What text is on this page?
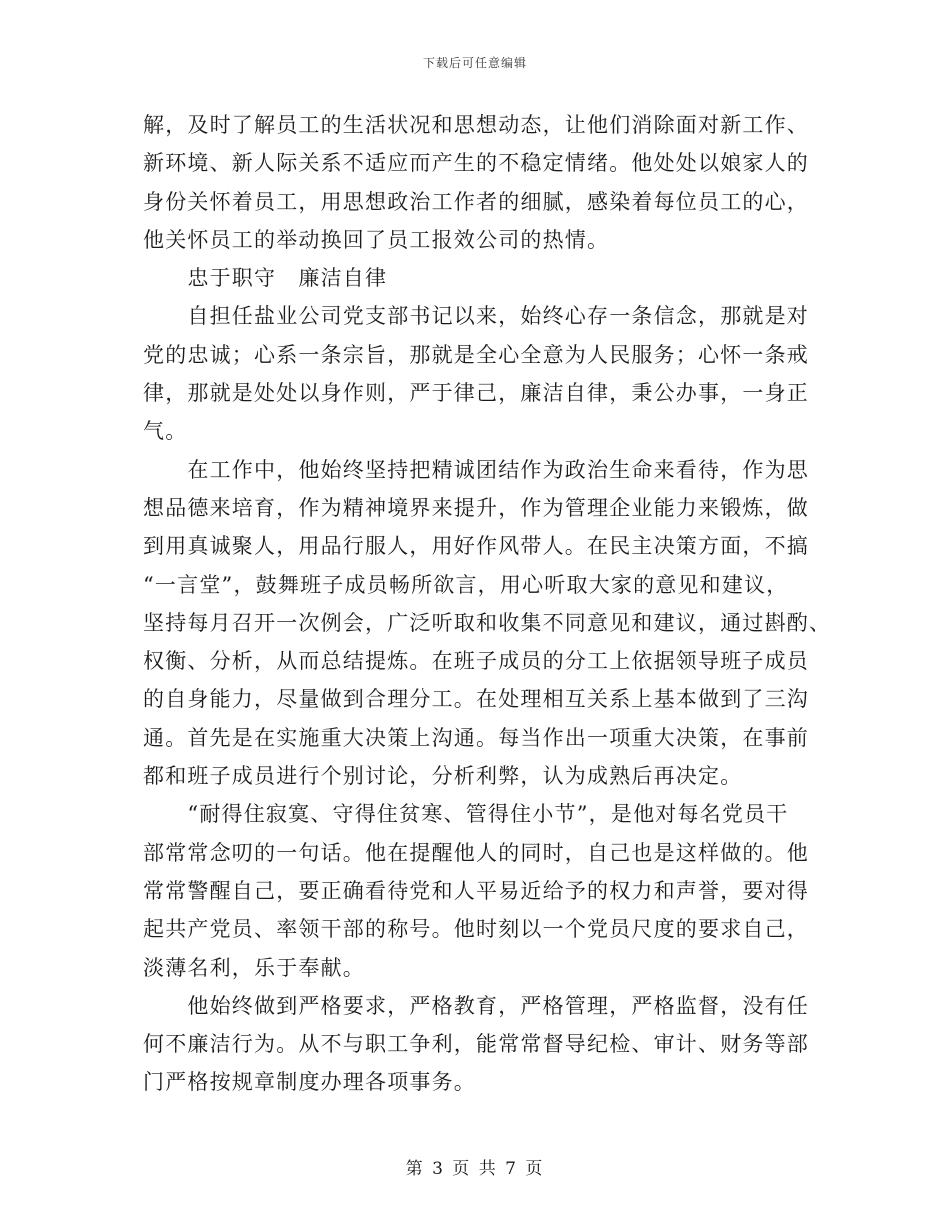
下载后可任意编辑
解，及时了解员工的生活状况和思想动态，让他们消除面对新工作、
新环境、新人际关系不适应而产生的不稳定情绪。他处处以娘家人的
身份关怀着员工，用思想政治工作者的细腻，感染着每位员工的心，
他关怀员工的举动换回了员工报效公司的热情。
　　忠于职守　廉洁自律
　　自担任盐业公司党支部书记以来，始终心存一条信念，那就是对
党的忠诚；心系一条宗旨，那就是全心全意为人民服务；心怀一条戒
律，那就是处处以身作则，严于律己，廉洁自律，秉公办事，一身正
气。
　　在工作中，他始终坚持把精诚团结作为政治生命来看待，作为思
想品德来培育，作为精神境界来提升，作为管理企业能力来锻炼，做
到用真诚聚人，用品行服人，用好作风带人。在民主决策方面，不搞
“一言堂”，鼓舞班子成员畅所欲言，用心听取大家的意见和建议，
坚持每月召开一次例会，广泛听取和收集不同意见和建议，通过斟酌、
权衡、分析，从而总结提炼。在班子成员的分工上依据领导班子成员
的自身能力，尽量做到合理分工。在处理相互关系上基本做到了三沟
通。首先是在实施重大决策上沟通。每当作出一项重大决策，在事前
都和班子成员进行个别讨论，分析利弊，认为成熟后再决定。
　　“耐得住寂寞、守得住贫寒、管得住小节”，是他对每名党员干
部常常念叨的一句话。他在提醒他人的同时，自己也是这样做的。他
常常警醒自己，要正确看待党和人平易近给予的权力和声誉，要对得
起共产党员、率领干部的称号。他时刻以一个党员尺度的要求自己，
淡薄名利，乐于奉献。
　　他始终做到严格要求，严格教育，严格管理，严格监督，没有任
何不廉洁行为。从不与职工争利，能常常督导纪检、审计、财务等部
门严格按规章制度办理各项事务。
第 3 页 共 7 页
